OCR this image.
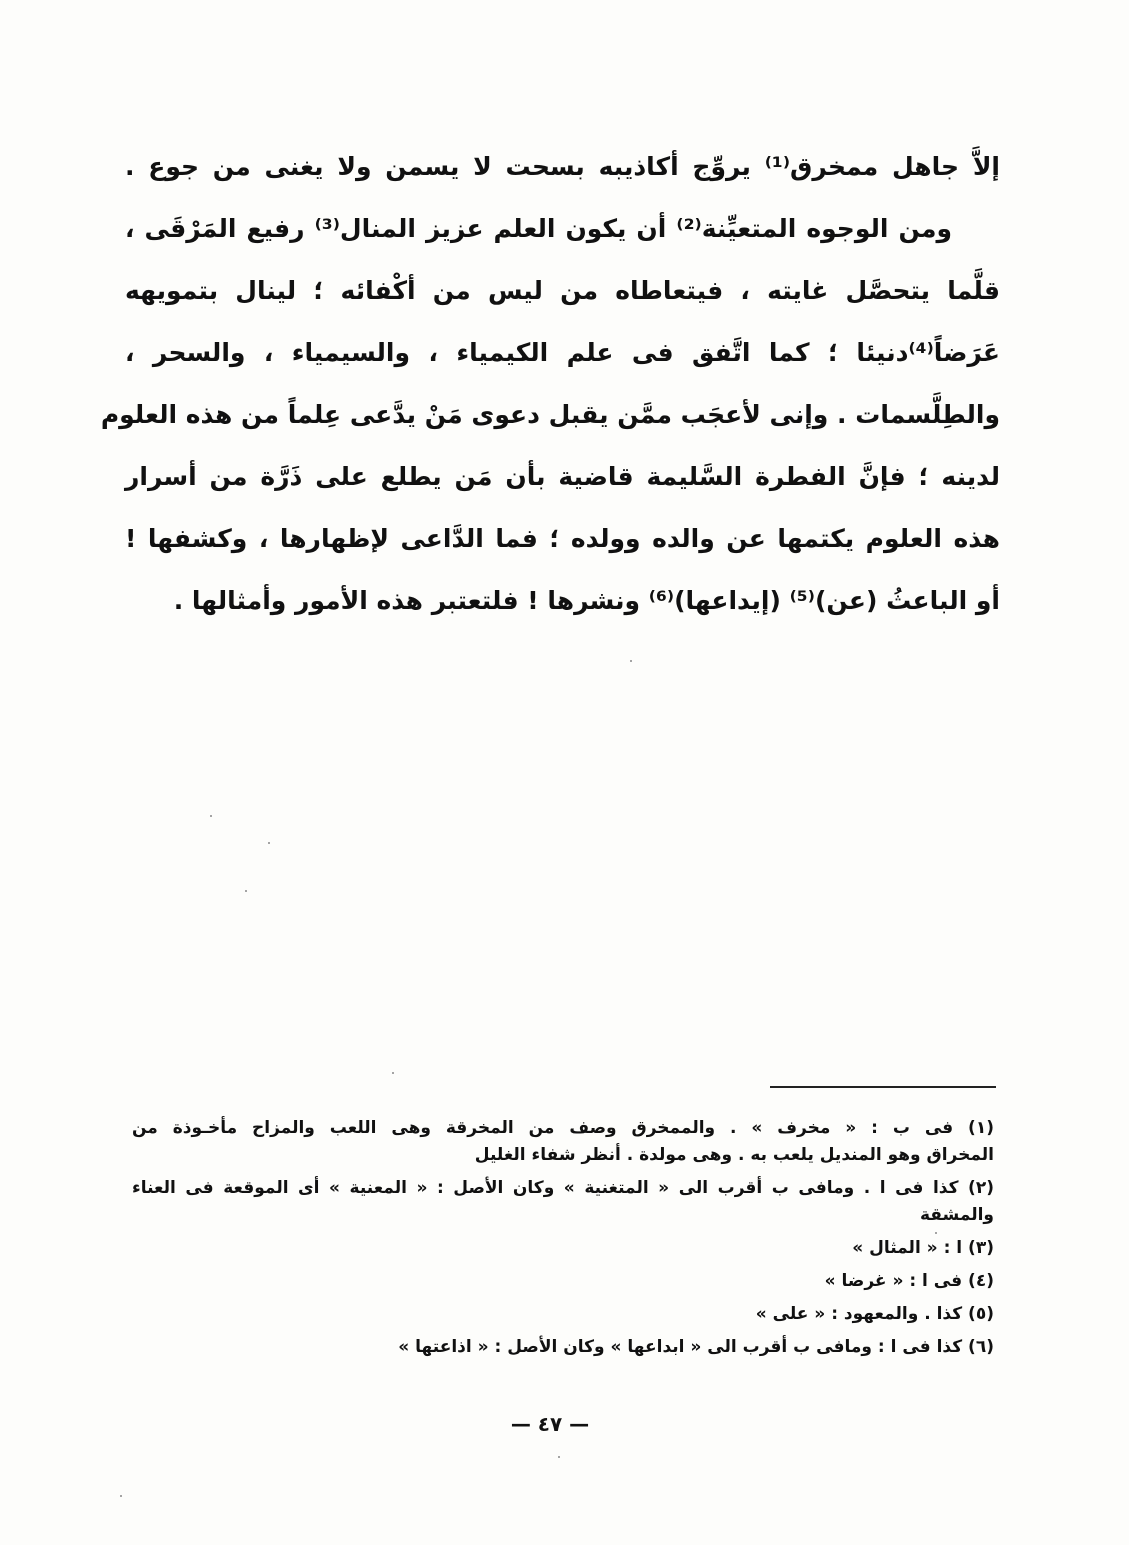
إلاَّ جاهل ممخرق⁽¹⁾ يروِّج أكاذيبه بسحت لا يسمن ولا يغنى من جوع .
ومن الوجوه المتعيِّنة⁽²⁾ أن يكون العلم عزيز المنال⁽³⁾ رفيع المَرْقَى ،
قلَّما يتحصَّل غايته ، فيتعاطاه من ليس من أكْفائه ؛ لينال بتمويهه
عَرَضاً⁽⁴⁾دنيئا ؛ كما اتَّفق فى علم الكيمياء ، والسيمياء ، والسحر ،
والطِلَّسمات . وإنى لأعجَب ممَّن يقبل دعوى مَنْ يدَّعى عِلماً من هذه العلوم
لدينه ؛ فإنَّ الفطرة السَّليمة قاضية بأن مَن يطلع على ذَرَّة من أسرار
هذه العلوم يكتمها عن والده وولده ؛ فما الدَّاعى لإظهارها ، وكشفها !
أو الباعثُ (عن)⁽⁵⁾ (إيداعها)⁽⁶⁾ ونشرها ! فلتعتبر هذه الأمور وأمثالها .
(١) فى ب : « مخرف » . والممخرق وصف من المخرقة وهى اللعب والمزاح مأخـوذة من
المخراق وهو المنديل يلعب به . وهى مولدة . أنظر شفاء الغليل
(٢) كذا فى ا . ومافى ب أقرب الى « المتغنية » وكان الأصل : « المعنية » أى الموقعة فى العناء
والمشقة
(٣) ا : « المثال »
(٤) فى ا : « غرضا »
(٥) كذا . والمعهود : « على »
(٦) كذا فى ا : ومافى ب أقرب الى « ابداعها » وكان الأصل : « اذاعتها »
— ٤٧ —
